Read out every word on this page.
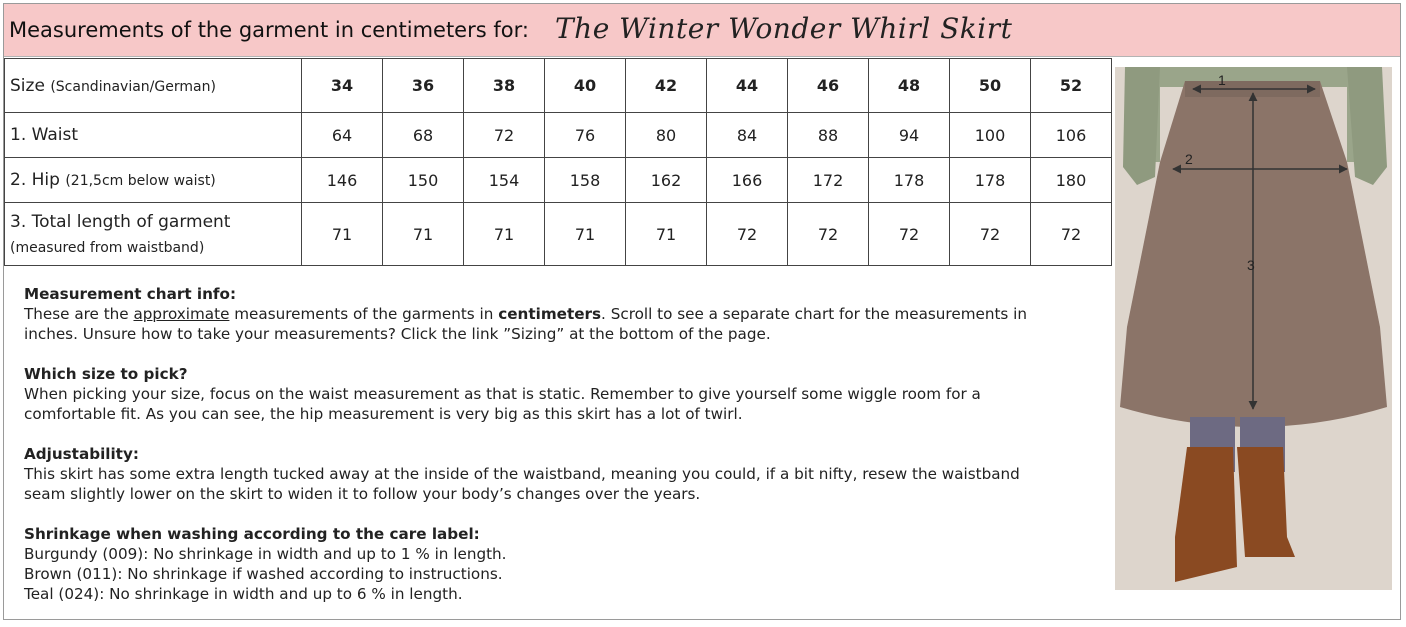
Measurements of the garment in centimeters for: The Winter Wonder Whirl Skirt
Size (Scandinavian/German)	34	36	38	40	42	44	46	48	50	52
1. Waist	64	68	72	76	80	84	88	94	100	106
2. Hip (21,5cm below waist)	146	150	154	158	162	166	172	178	178	180

3. Total length of garment
(measured from waistband)	71	71	71	71	71	72	72	72	72	72

Measurement chart info:
These are the approximate measurements of the garments in centimeters. Scroll to see a separate chart for the measurements in inches. Unsure how to take your measurements? Click the link ”Sizing” at the bottom of the page.

Which size to pick?
When picking your size, focus on the waist measurement as that is static. Remember to give yourself some wiggle room for a comfortable fit. As you can see, the hip measurement is very big as this skirt has a lot of twirl.

Adjustability:
This skirt has some extra length tucked away at the inside of the waistband, meaning you could, if a bit nifty, resew the waistband seam slightly lower on the skirt to widen it to follow your body’s changes over the years.

Shrinkage when washing according to the care label:
Burgundy (009): No shrinkage in width and up to 1 % in length.
Brown (011): No shrinkage if washed according to instructions.
Teal (024): No shrinkage in width and up to 6 % in length.

1
2
3
